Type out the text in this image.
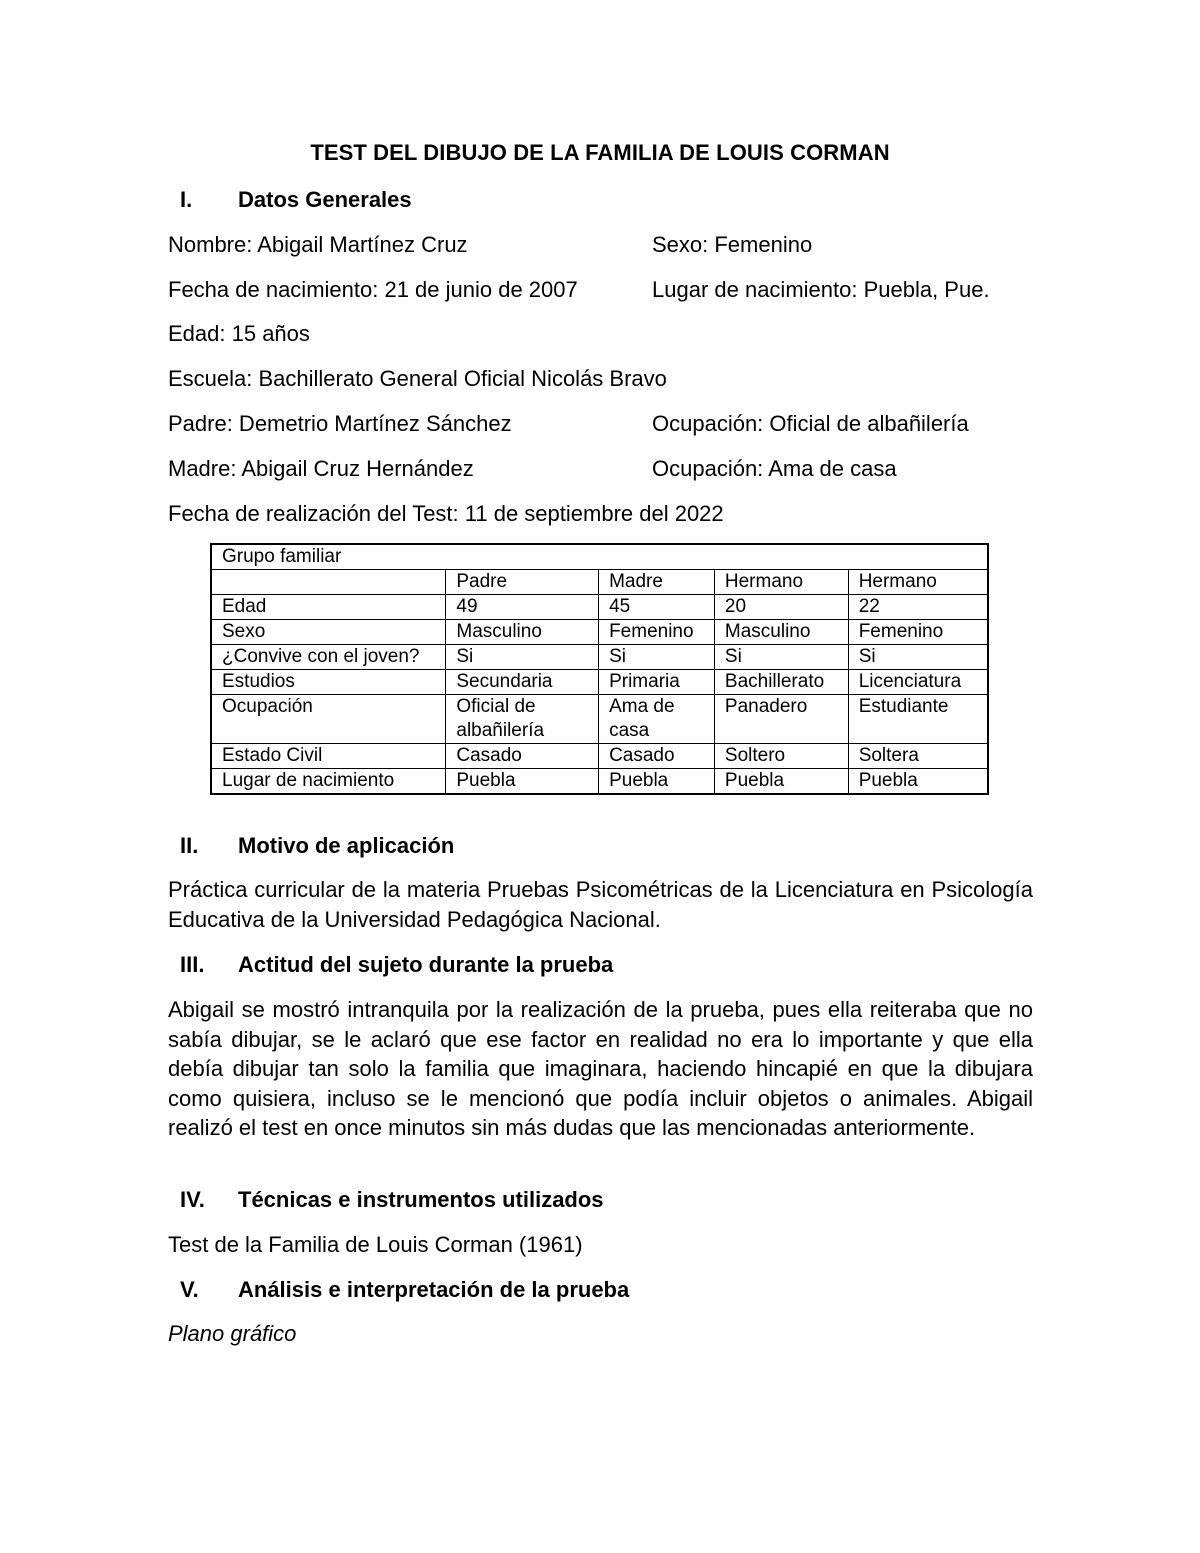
TEST DEL DIBUJO DE LA FAMILIA DE LOUIS CORMAN
I. Datos Generales
Nombre: Abigail Martínez Cruz	Sexo: Femenino
Fecha de nacimiento: 21 de junio de 2007	Lugar de nacimiento: Puebla, Pue.
Edad: 15 años
Escuela: Bachillerato General Oficial Nicolás Bravo
Padre: Demetrio Martínez Sánchez	Ocupación: Oficial de albañilería
Madre: Abigail Cruz Hernández	Ocupación: Ama de casa
Fecha de realización del Test: 11 de septiembre del 2022
Grupo familiar				
	Padre	Madre	Hermano	Hermano
Edad	49	45	20	22
Sexo	Masculino	Femenino	Masculino	Femenino
¿Convive con el joven?	Si	Si	Si	Si
Estudios	Secundaria	Primaria	Bachillerato	Licenciatura
Ocupación	Oficial de albañilería	Ama de casa	Panadero	Estudiante
Estado Civil	Casado	Casado	Soltero	Soltera
Lugar de nacimiento	Puebla	Puebla	Puebla	Puebla
II. Motivo de aplicación
Práctica curricular de la materia Pruebas Psicométricas de la Licenciatura en Psicología Educativa de la Universidad Pedagógica Nacional.
III. Actitud del sujeto durante la prueba
Abigail se mostró intranquila por la realización de la prueba, pues ella reiteraba que no sabía dibujar, se le aclaró que ese factor en realidad no era lo importante y que ella debía dibujar tan solo la familia que imaginara, haciendo hincapié en que la dibujara como quisiera, incluso se le mencionó que podía incluir objetos o animales. Abigail realizó el test en once minutos sin más dudas que las mencionadas anteriormente.
IV. Técnicas e instrumentos utilizados
Test de la Familia de Louis Corman (1961)
V. Análisis e interpretación de la prueba
Plano gráfico
